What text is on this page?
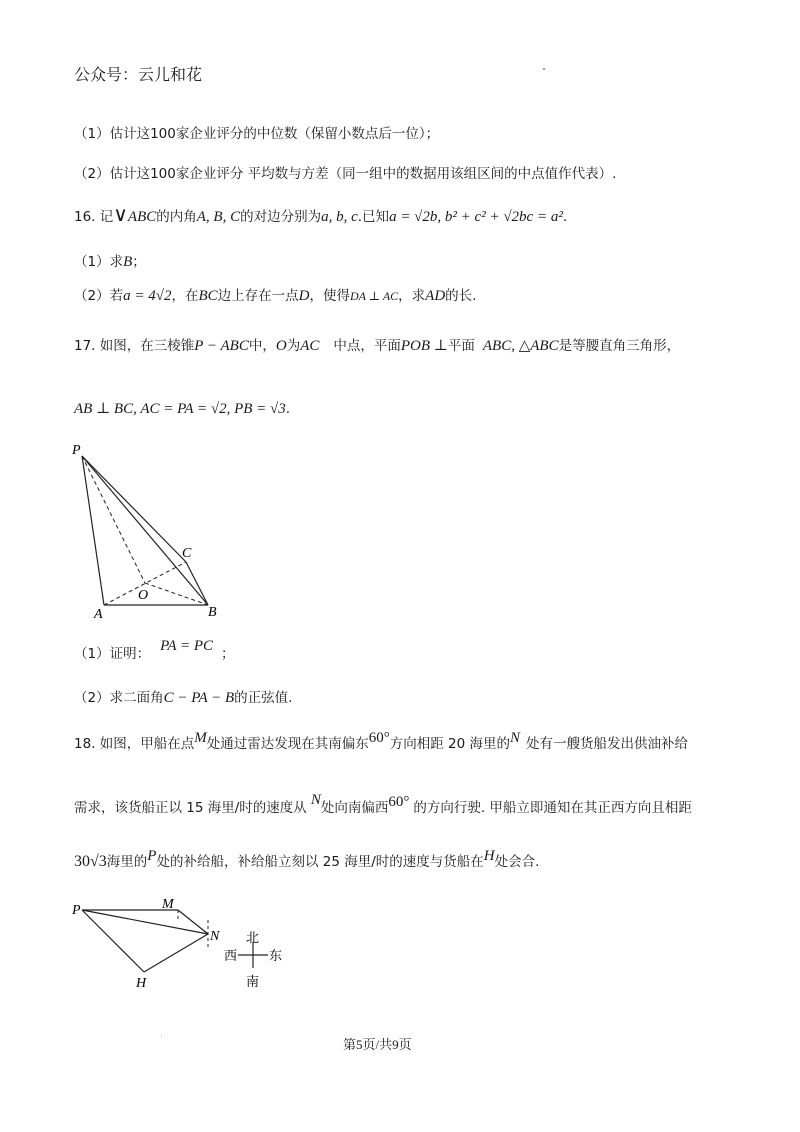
公众号：云儿和花
（1）估计这100家企业评分的中位数（保留小数点后一位）；
（2）估计这100家企业评分 平均数与方差（同一组中的数据用该组区间的中点值作代表）.
16. 记∨ABC的内角A, B, C的对边分别为a, b, c.已知a = √2b, b² + c² + √2bc = a².
（1）求B；
（2）若a = 4√2，在BC边上存在一点D，使得DA ⊥ AC，求AD的长.
17. 如图，在三棱锥P − ABC中，O为AC 中点，平面POB ⊥平面 ABC, △ABC是等腰直角三角形，
AB ⊥ BC, AC = PA = √2, PB = √3.
P
A	B
C
O
（1）证明： PA = PC ；
（2）求二面角C − PA − B的正弦值.
18. 如图，甲船在点M处通过雷达发现在其南偏东60°方向相距 20 海里的N 处有一艘货船发出供油补给
需求，该货船正以 15 海里/时的速度从 N处向南偏西60° 的方向行驶. 甲船立即通知在其正西方向且相距
30√3海里的P处的补给船，补给船立刻以 25 海里/时的速度与货船在H处会合.
P	M
N
H
北
南
西 东
第5页/共9页
